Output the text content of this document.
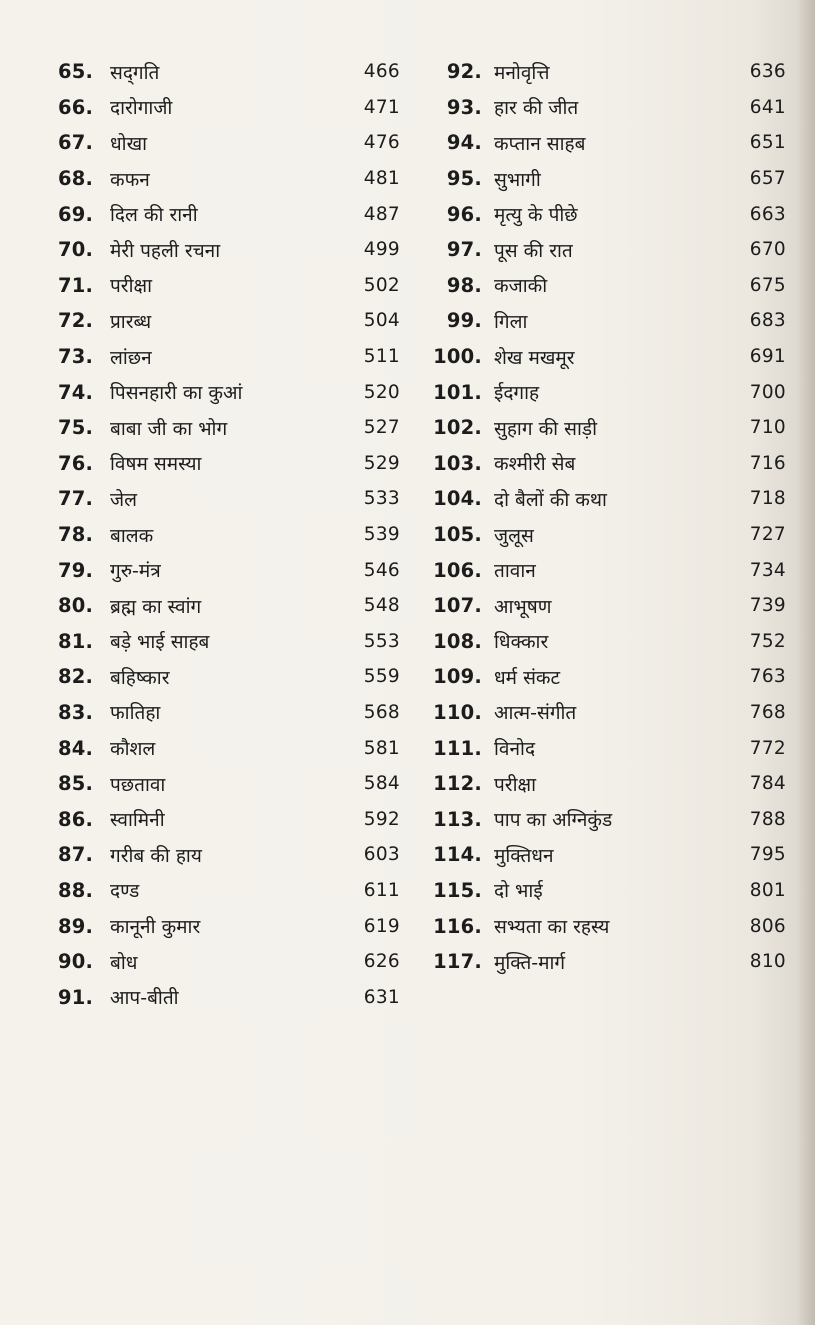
65. सद्‌गति	466
66. दारोगाजी	471
67. धोखा	476
68. कफन	481
69. दिल की रानी	487
70. मेरी पहली रचना	499
71. परीक्षा	502
72. प्रारब्ध	504
73. लांछन	511
74. पिसनहारी का कुआं	520
75. बाबा जी का भोग	527
76. विषम समस्या	529
77. जेल	533
78. बालक	539
79. गुरु-मंत्र	546
80. ब्रह्म का स्वांग	548
81. बड़े भाई साहब	553
82. बहिष्कार	559
83. फातिहा	568
84. कौशल	581
85. पछतावा	584
86. स्वामिनी	592
87. गरीब की हाय	603
88. दण्ड	611
89. कानूनी कुमार	619
90. बोध	626
91. आप-बीती	631
92. मनोवृत्ति	636
93. हार की जीत	641
94. कप्तान साहब	651
95. सुभागी	657
96. मृत्यु के पीछे	663
97. पूस की रात	670
98. कजाकी	675
99. गिला	683
100. शेख मखमूर	691
101. ईदगाह	700
102. सुहाग की साड़ी	710
103. कश्मीरी सेब	716
104. दो बैलों की कथा	718
105. जुलूस	727
106. तावान	734
107. आभूषण	739
108. धिक्कार	752
109. धर्म संकट	763
110. आत्म-संगीत	768
111. विनोद	772
112. परीक्षा	784
113. पाप का अग्निकुंड	788
114. मुक्तिधन	795
115. दो भाई	801
116. सभ्यता का रहस्य	806
117. मुक्ति-मार्ग	810
